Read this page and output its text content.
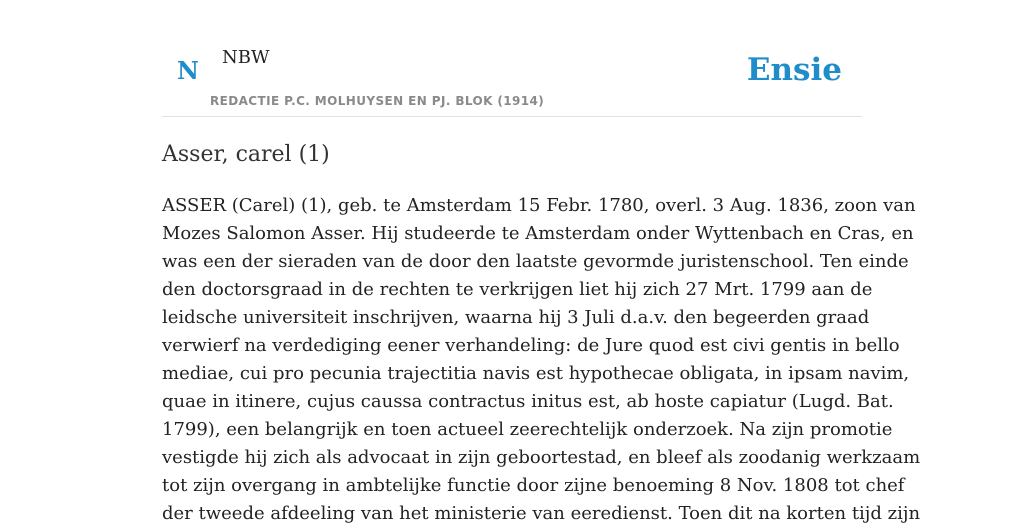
N NBW
REDACTIE P.C. MOLHUYSEN EN PJ. BLOK (1914)
Ensie
Asser, carel (1)

ASSER (Carel) (1), geb. te Amsterdam 15 Febr. 1780, overl. 3 Aug. 1836, zoon van
Mozes Salomon Asser. Hij studeerde te Amsterdam onder Wyttenbach en Cras, en
was een der sieraden van de door den laatste gevormde juristenschool. Ten einde
den doctorsgraad in de rechten te verkrijgen liet hij zich 27 Mrt. 1799 aan de
leidsche universiteit inschrijven, waarna hij 3 Juli d.a.v. den begeerden graad
verwierf na verdediging eener verhandeling: de Jure quod est civi gentis in bello
mediae, cui pro pecunia trajectitia navis est hypothecae obligata, in ipsam navim,
quae in itinere, cujus caussa contractus initus est, ab hoste capiatur (Lugd. Bat.
1799), een belangrijk en toen actueel zeerechtelijk onderzoek. Na zijn promotie
vestigde hij zich als advocaat in zijn geboortestad, en bleef als zoodanig werkzaam
tot zijn overgang in ambtelijke functie door zijne benoeming 8 Nov. 1808 tot chef
der tweede afdeeling van het ministerie van eeredienst. Toen dit na korten tijd zijn
